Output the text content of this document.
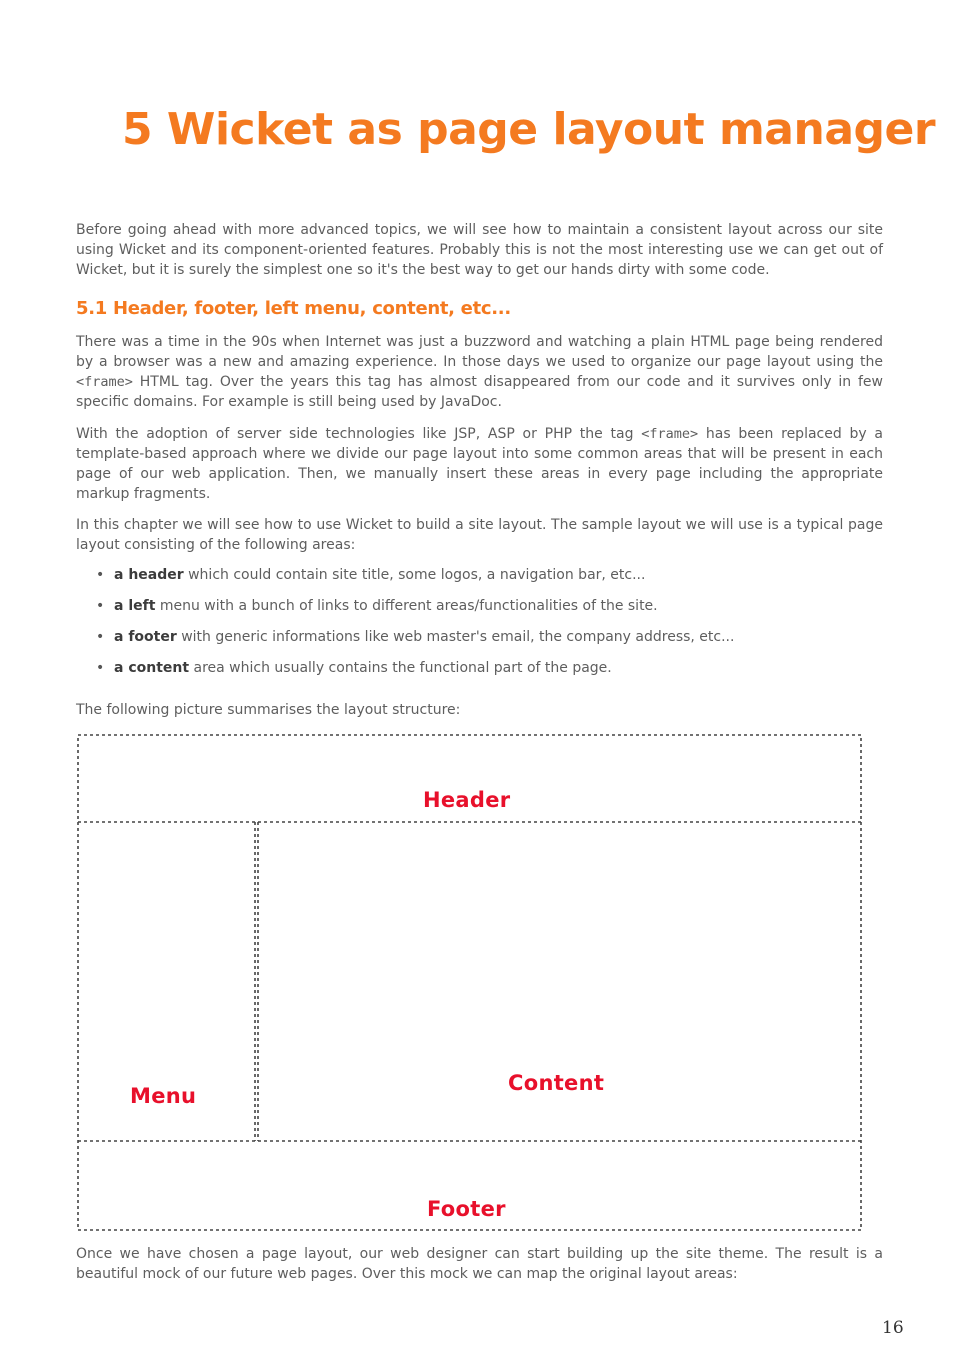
5 Wicket as page layout manager

Before going ahead with more advanced topics, we will see how to maintain a consistent layout across our site using Wicket and its component-oriented features. Probably this is not the most interesting use we can get out of Wicket, but it is surely the simplest one so it's the best way to get our hands dirty with some code.

5.1 Header, footer, left menu, content, etc...

There was a time in the 90s when Internet was just a buzzword and watching a plain HTML page being rendered by a browser was a new and amazing experience. In those days we used to organize our page layout using the <frame> HTML tag. Over the years this tag has almost disappeared from our code and it survives only in few specific domains. For example is still being used by JavaDoc.

With the adoption of server side technologies like JSP, ASP or PHP the tag <frame> has been replaced by a template-based approach where we divide our page layout into some common areas that will be present in each page of our web application. Then, we manually insert these areas in every page including the appropriate markup fragments.

In this chapter we will see how to use Wicket to build a site layout. The sample layout we will use is a typical page layout consisting of the following areas:

• a header which could contain site title, some logos, a navigation bar, etc...
• a left menu with a bunch of links to different areas/functionalities of the site.
• a footer with generic informations like web master's email, the company address, etc...
• a content area which usually contains the functional part of the page.

The following picture summarises the layout structure:

Header
Menu
Content
Footer

Once we have chosen a page layout, our web designer can start building up the site theme. The result is a beautiful mock of our future web pages. Over this mock we can map the original layout areas:

16
